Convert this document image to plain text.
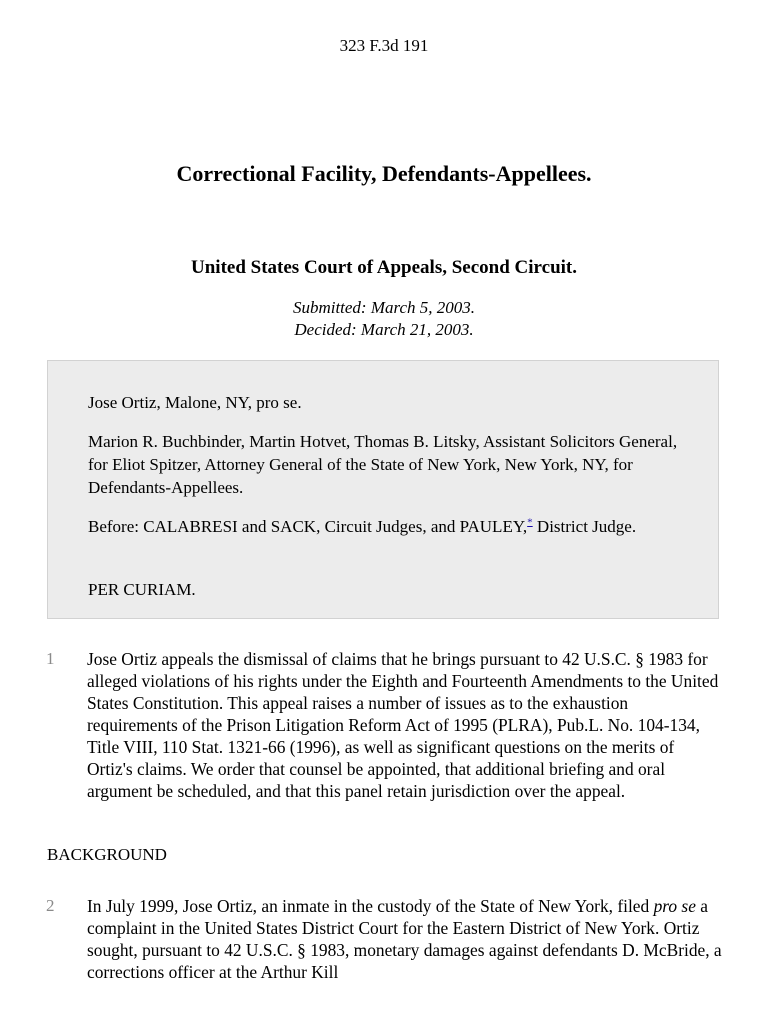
323 F.3d 191
Correctional Facility, Defendants-Appellees.
United States Court of Appeals, Second Circuit.
Submitted: March 5, 2003.
Decided: March 21, 2003.

Jose Ortiz, Malone, NY, pro se.

Marion R. Buchbinder, Martin Hotvet, Thomas B. Litsky, Assistant Solicitors General, for Eliot Spitzer, Attorney General of the State of New York, New York, NY, for Defendants-Appellees.

Before: CALABRESI and SACK, Circuit Judges, and PAULEY,* District Judge.

PER CURIAM.

1 Jose Ortiz appeals the dismissal of claims that he brings pursuant to 42 U.S.C. § 1983 for alleged violations of his rights under the Eighth and Fourteenth Amendments to the United States Constitution. This appeal raises a number of issues as to the exhaustion requirements of the Prison Litigation Reform Act of 1995 (PLRA), Pub.L. No. 104-134, Title VIII, 110 Stat. 1321-66 (1996), as well as significant questions on the merits of Ortiz's claims. We order that counsel be appointed, that additional briefing and oral argument be scheduled, and that this panel retain jurisdiction over the appeal.

BACKGROUND
2 In July 1999, Jose Ortiz, an inmate in the custody of the State of New York, filed pro se a complaint in the United States District Court for the Eastern District of New York. Ortiz sought, pursuant to 42 U.S.C. § 1983, monetary damages against defendants D. McBride, a corrections officer at the Arthur Kill
